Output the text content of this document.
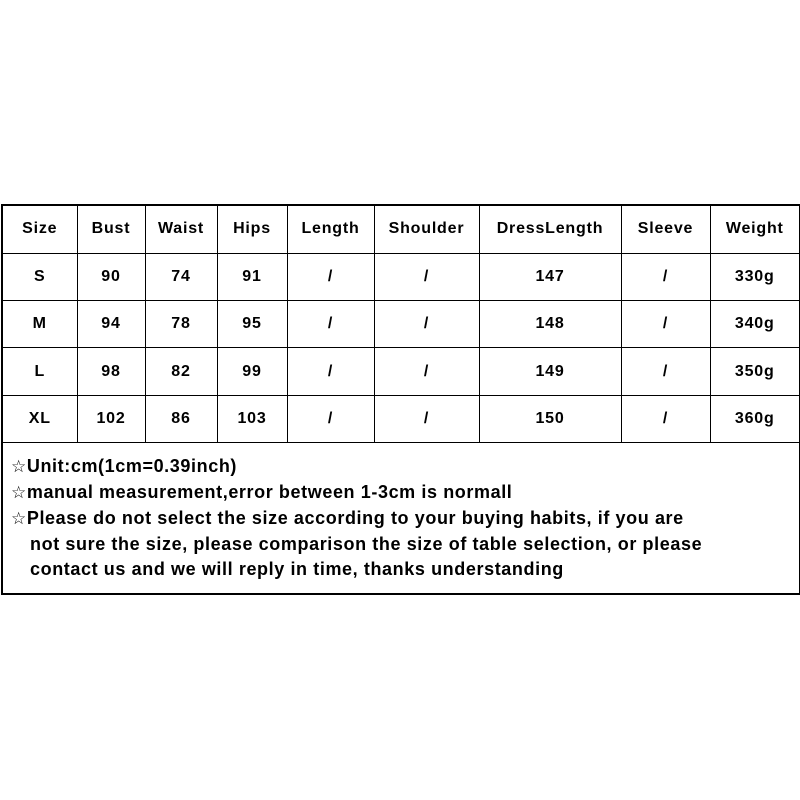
Size	Bust	Waist	Hips	Length	Shoulder	DressLength	Sleeve	Weight
S	90	74	91	/	/	147	/	330g
M	94	78	95	/	/	148	/	340g
L	98	82	99	/	/	149	/	350g
XL	102	86	103	/	/	150	/	360g
☆Unit:cm(1cm=0.39inch)
☆manual measurement,error between 1-3cm is normall
☆Please do not select the size according to your buying habits, if you are
not sure the size, please comparison the size of table selection, or please
contact us and we will reply in time, thanks understanding
